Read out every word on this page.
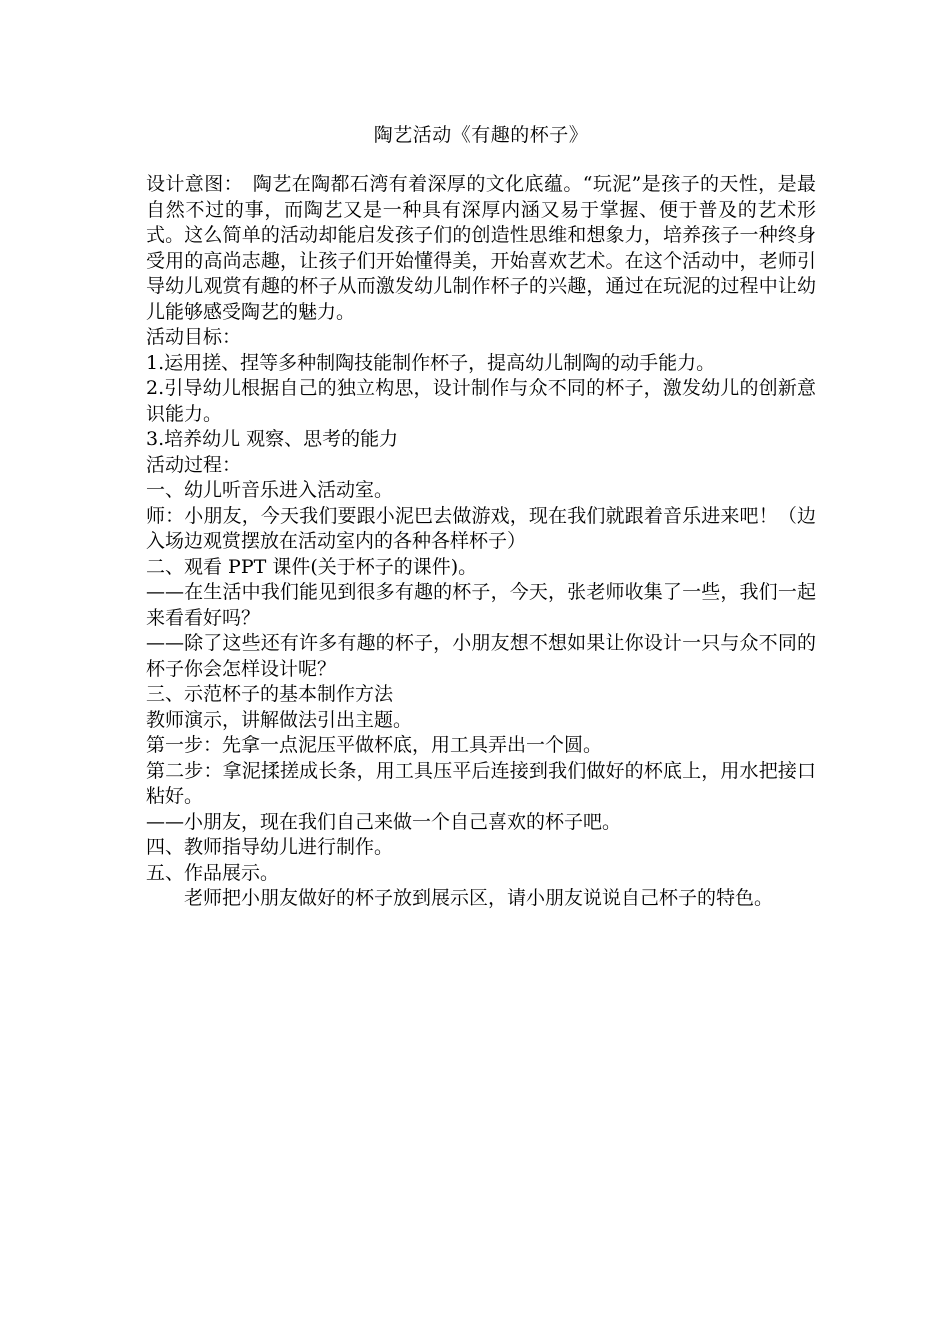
陶艺活动《有趣的杯子》

设计意图：　陶艺在陶都石湾有着深厚的文化底蕴。“玩泥”是孩子的天性，是最自然不过的事，而陶艺又是一种具有深厚内涵又易于掌握、便于普及的艺术形式。这么简单的活动却能启发孩子们的创造性思维和想象力，培养孩子一种终身受用的高尚志趣，让孩子们开始懂得美，开始喜欢艺术。在这个活动中，老师引导幼儿观赏有趣的杯子从而激发幼儿制作杯子的兴趣，通过在玩泥的过程中让幼儿能够感受陶艺的魅力。

活动目标：

1.运用搓、捏等多种制陶技能制作杯子，提高幼儿制陶的动手能力。

2.引导幼儿根据自己的独立构思，设计制作与众不同的杯子，激发幼儿的创新意识能力。

3.培养幼儿 观察、思考的能力

活动过程：

一、幼儿听音乐进入活动室。

师：小朋友，今天我们要跟小泥巴去做游戏，现在我们就跟着音乐进来吧！（边入场边观赏摆放在活动室内的各种各样杯子）

二、观看 PPT 课件(关于杯子的课件)。

——在生活中我们能见到很多有趣的杯子，今天，张老师收集了一些，我们一起来看看好吗？

——除了这些还有许多有趣的杯子，小朋友想不想如果让你设计一只与众不同的杯子你会怎样设计呢？

三、示范杯子的基本制作方法

教师演示，讲解做法引出主题。

第一步：先拿一点泥压平做杯底，用工具弄出一个圆。

第二步：拿泥揉搓成长条，用工具压平后连接到我们做好的杯底上，用水把接口粘好。

——小朋友，现在我们自己来做一个自己喜欢的杯子吧。

四、教师指导幼儿进行制作。

五、作品展示。

老师把小朋友做好的杯子放到展示区，请小朋友说说自己杯子的特色。
